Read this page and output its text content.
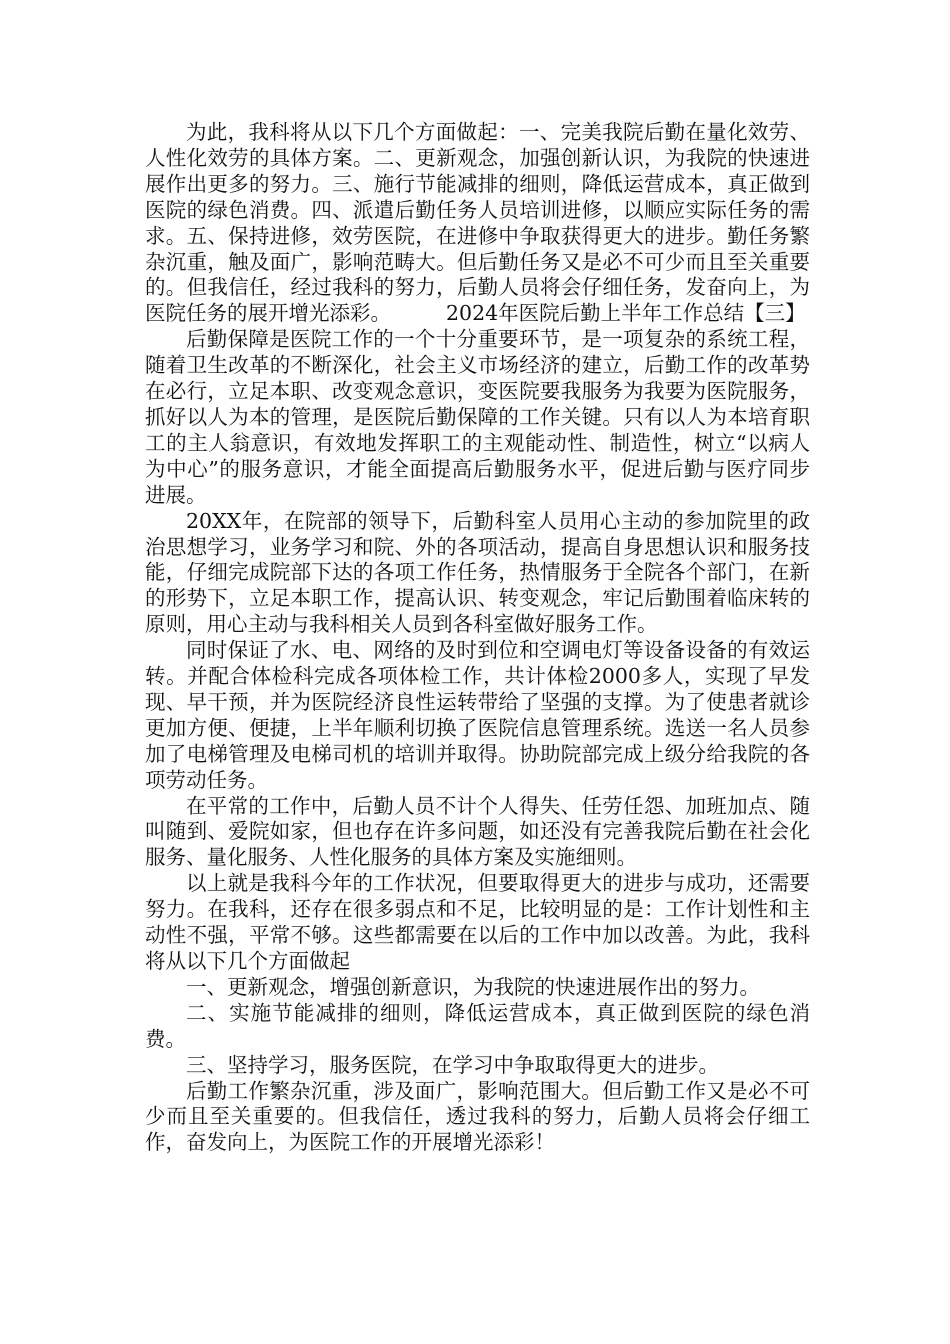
为此，我科将从以下几个方面做起：一、完美我院后勤在量化效劳、人性化效劳的具体方案。二、更新观念，加强创新认识，为我院的快速进展作出更多的努力。三、施行节能减排的细则，降低运营成本，真正做到医院的绿色消费。四、派遣后勤任务人员培训进修，以顺应实际任务的需求。五、保持进修，效劳医院，在进修中争取获得更大的进步。勤任务繁杂沉重，触及面广，影响范畴大。但后勤任务又是必不可少而且至关重要的。但我信任，经过我科的努力，后勤人员将会仔细任务，发奋向上，为医院任务的展开增光添彩。	2024年医院后勤上半年工作总结【三】

后勤保障是医院工作的一个十分重要环节，是一项复杂的系统工程，随着卫生改革的不断深化，社会主义市场经济的建立，后勤工作的改革势在必行，立足本职、改变观念意识，变医院要我服务为我要为医院服务，抓好以人为本的管理，是医院后勤保障的工作关键。只有以人为本培育职工的主人翁意识，有效地发挥职工的主观能动性、制造性，树立“以病人为中心”的服务意识，才能全面提高后勤服务水平，促进后勤与医疗同步进展。

20XX年，在院部的领导下，后勤科室人员用心主动的参加院里的政治思想学习，业务学习和院、外的各项活动，提高自身思想认识和服务技能，仔细完成院部下达的各项工作任务，热情服务于全院各个部门，在新的形势下，立足本职工作，提高认识、转变观念，牢记后勤围着临床转的原则，用心主动与我科相关人员到各科室做好服务工作。

同时保证了水、电、网络的及时到位和空调电灯等设备设备的有效运转。并配合体检科完成各项体检工作，共计体检2000多人，实现了早发现、早干预，并为医院经济良性运转带给了坚强的支撑。为了使患者就诊更加方便、便捷，上半年顺利切换了医院信息管理系统。选送一名人员参加了电梯管理及电梯司机的培训并取得。协助院部完成上级分给我院的各项劳动任务。

在平常的工作中，后勤人员不计个人得失、任劳任怨、加班加点、随叫随到、爱院如家，但也存在许多问题，如还没有完善我院后勤在社会化服务、量化服务、人性化服务的具体方案及实施细则。

以上就是我科今年的工作状况，但要取得更大的进步与成功，还需要努力。在我科，还存在很多弱点和不足，比较明显的是：工作计划性和主动性不强，平常不够。这些都需要在以后的工作中加以改善。为此，我科将从以下几个方面做起

一、更新观念，增强创新意识，为我院的快速进展作出的努力。

二、实施节能减排的细则，降低运营成本，真正做到医院的绿色消费。

三、坚持学习，服务医院，在学习中争取取得更大的进步。

后勤工作繁杂沉重，涉及面广，影响范围大。但后勤工作又是必不可少而且至关重要的。但我信任，透过我科的努力，后勤人员将会仔细工作，奋发向上，为医院工作的开展增光添彩！
